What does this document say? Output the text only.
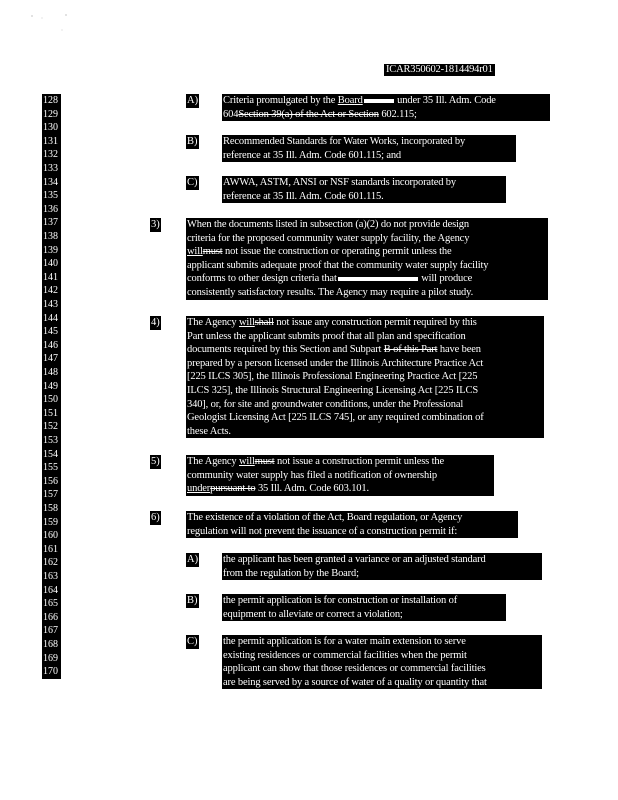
ICAR350602-1814494r01
128
129
130
131
132
133
134
135
136
137
138
139
140
141
142
143
144
145
146
147
148
149
150
151
152
153
154
155
156
157
158
159
160
161
162
163
164
165
166
167
168
169
170
A) Criteria promulgated by the Board	under 35 Ill. Adm. Code
604Section 39(a) of the Act or Section 602.115;
B) Recommended Standards for Water Works, incorporated by
reference at 35 Ill. Adm. Code 601.115; and
C) AWWA, ASTM, ANSI or NSF standards incorporated by
reference at 35 Ill. Adm. Code 601.115.
3)	When the documents listed in subsection (a)(2) do not provide design
criteria for the proposed community water supply facility, the Agency
willmust not issue the construction or operating permit unless the
applicant submits adequate proof that the community water supply facility
conforms to other design criteria that	will produce
consistently satisfactory results. The Agency may require a pilot study.
4)	The Agency willshall not issue any construction permit required by this
Part unless the applicant submits proof that all plan and specification
documents required by this Section and Subpart B of this Part have been
prepared by a person licensed under the Illinois Architecture Practice Act
[225 ILCS 305], the Illinois Professional Engineering Practice Act [225
ILCS 325], the Illinois Structural Engineering Licensing Act [225 ILCS
340], or, for site and groundwater conditions, under the Professional
Geologist Licensing Act [225 ILCS 745], or any required combination of
these Acts.
5)	The Agency willmust not issue a construction permit unless the
community water supply has filed a notification of ownership
underpursuant to 35 Ill. Adm. Code 603.101.
6)	The existence of a violation of the Act, Board regulation, or Agency
regulation will not prevent the issuance of a construction permit if:
A) the applicant has been granted a variance or an adjusted standard
from the regulation by the Board;
B) the permit application is for construction or installation of
equipment to alleviate or correct a violation;
C) the permit application is for a water main extension to serve
existing residences or commercial facilities when the permit
applicant can show that those residences or commercial facilities
are being served by a source of water of a quality or quantity that
